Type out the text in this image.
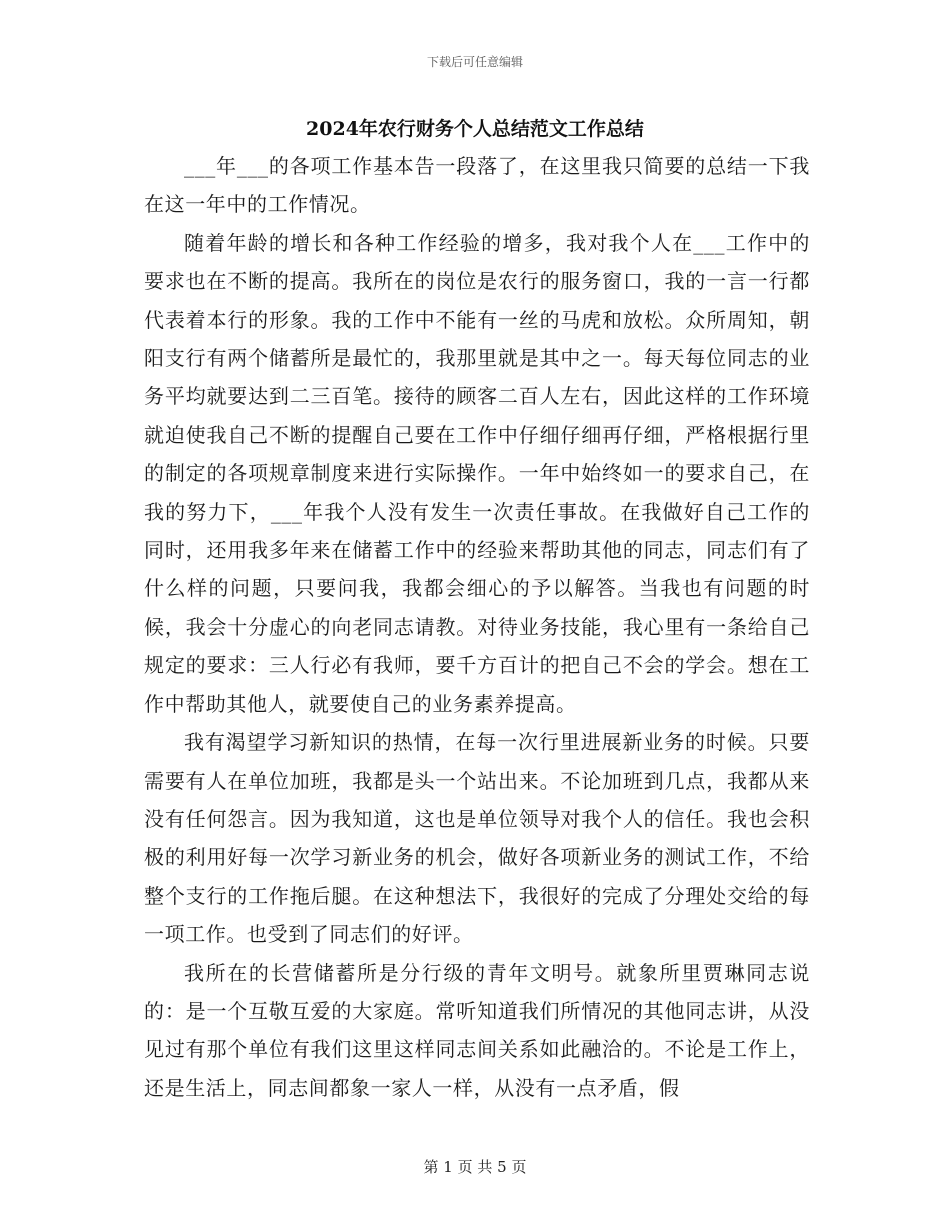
下载后可任意编辑
2024年农行财务个人总结范文工作总结

___年___的各项工作基本告一段落了，在这里我只简要的总结一下我在这一年中的工作情况。

随着年龄的增长和各种工作经验的增多，我对我个人在___工作中的要求也在不断的提高。我所在的岗位是农行的服务窗口，我的一言一行都代表着本行的形象。我的工作中不能有一丝的马虎和放松。众所周知，朝阳支行有两个储蓄所是最忙的，我那里就是其中之一。每天每位同志的业务平均就要达到二三百笔。接待的顾客二百人左右，因此这样的工作环境就迫使我自己不断的提醒自己要在工作中仔细仔细再仔细，严格根据行里的制定的各项规章制度来进行实际操作。一年中始终如一的要求自己，在我的努力下，___年我个人没有发生一次责任事故。在我做好自己工作的同时，还用我多年来在储蓄工作中的经验来帮助其他的同志，同志们有了什么样的问题，只要问我，我都会细心的予以解答。当我也有问题的时候，我会十分虚心的向老同志请教。对待业务技能，我心里有一条给自己规定的要求：三人行必有我师，要千方百计的把自己不会的学会。想在工作中帮助其他人，就要使自己的业务素养提高。

我有渴望学习新知识的热情，在每一次行里进展新业务的时候。只要需要有人在单位加班，我都是头一个站出来。不论加班到几点，我都从来没有任何怨言。因为我知道，这也是单位领导对我个人的信任。我也会积极的利用好每一次学习新业务的机会，做好各项新业务的测试工作，不给整个支行的工作拖后腿。在这种想法下，我很好的完成了分理处交给的每一项工作。也受到了同志们的好评。

我所在的长营储蓄所是分行级的青年文明号。就象所里贾琳同志说的：是一个互敬互爱的大家庭。常听知道我们所情况的其他同志讲，从没见过有那个单位有我们这里这样同志间关系如此融洽的。不论是工作上，还是生活上，同志间都象一家人一样，从没有一点矛盾，假

第 1 页 共 5 页
